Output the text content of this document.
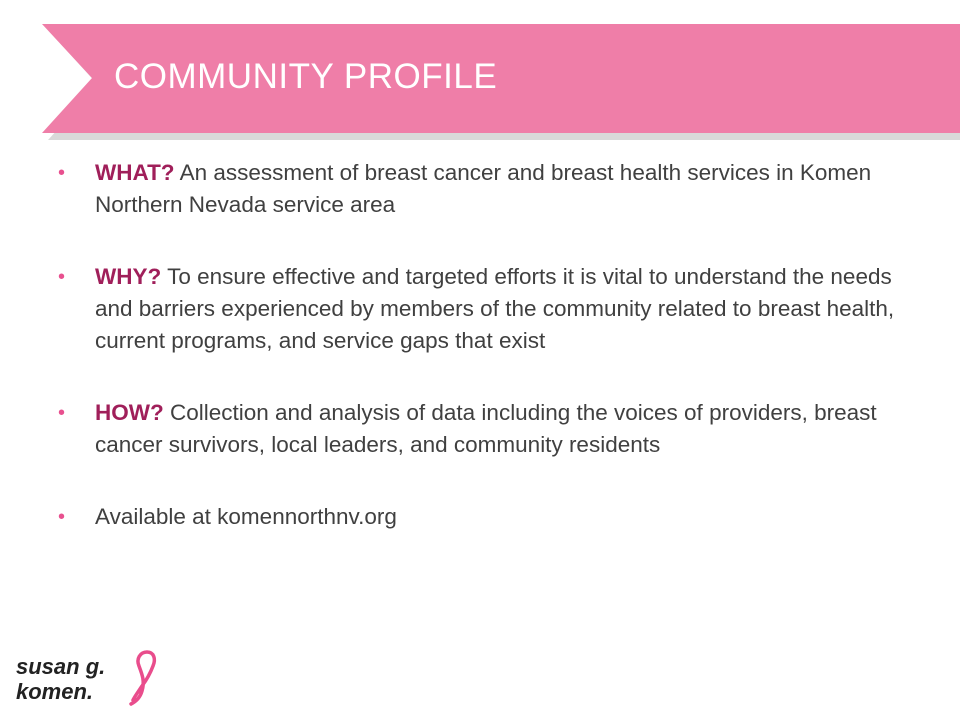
COMMUNITY PROFILE
• WHAT? An assessment of breast cancer and breast health services in Komen Northern Nevada service area
• WHY? To ensure effective and targeted efforts it is vital to understand the needs and barriers experienced by members of the community related to breast health, current programs, and service gaps that exist
• HOW? Collection and analysis of data including the voices of providers, breast cancer survivors, local leaders, and community residents
• Available at komennorthnv.org
susan g.
komen.
